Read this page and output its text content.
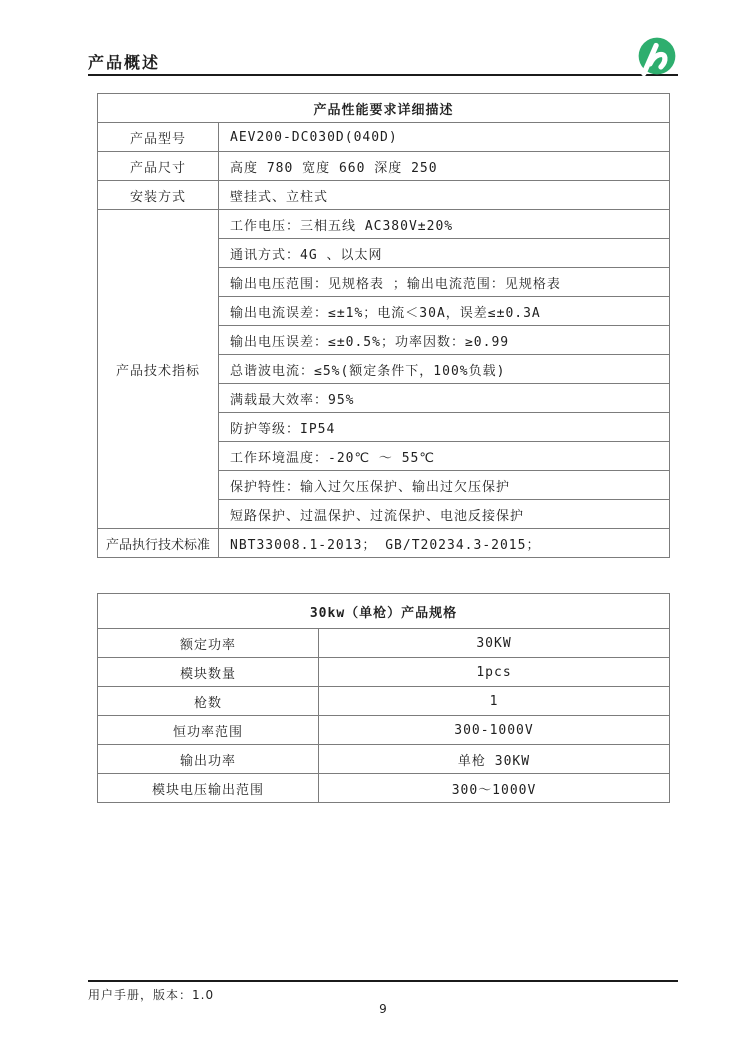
产品概述
产品性能要求详细描述	
产品型号	AEV200-DC030D(040D)
产品尺寸	高度 780 宽度 660 深度 250
安装方式	壁挂式、立柱式
产品技术指标	工作电压：三相五线 AC380V±20%
	通讯方式：4G 、以太网
	输出电压范围：见规格表 ；输出电流范围：见规格表
	输出电流误差：≤±1%；电流＜30A，误差≤±0.3A
	输出电压误差：≤±0.5%；功率因数：≥0.99
	总谐波电流：≤5%(额定条件下，100%负载)
	满载最大效率：95%
	防护等级：IP54
	工作环境温度：-20℃ ～ 55℃
	保护特性：输入过欠压保护、输出过欠压保护
	短路保护、过温保护、过流保护、电池反接保护
产品执行技术标准	NBT33008.1-2013； GB/T20234.3-2015；
30kw（单枪）产品规格	
额定功率	30KW
模块数量	1pcs
枪数	1
恒功率范围	300-1000V
输出功率	单枪 30KW
模块电压输出范围	300～1000V
用户手册，版本：1.0
9
